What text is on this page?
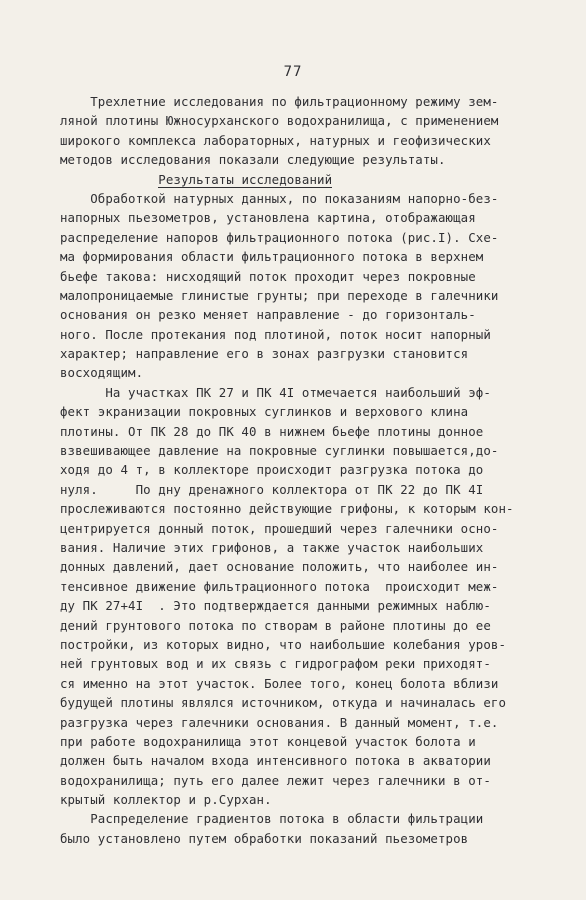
77
Трехлетние исследования по фильтрационному режиму зем-
ляной плотины Южносурханского водохранилища, с применением
широкого комплекса лабораторных, натурных и геофизических
методов исследования показали следующие результаты.
Результаты исследований
Обработкой натурных данных, по показаниям напорно-без-
напорных пьезометров, установлена картина, отображающая
распределение напоров фильтрационного потока (рис.I). Схе-
ма формирования области фильтрационного потока в верхнем
бьефе такова: нисходящий поток проходит через покровные
малопроницаемые глинистые грунты; при переходе в галечники
основания он резко меняет направление - до горизонталь-
ного. После протекания под плотиной, поток носит напорный
характер; направление его в зонах разгрузки становится
восходящим.
На участках ПК 27 и ПК 4I отмечается наибольший эф-
фект экранизации покровных суглинков и верхового клина
плотины. От ПК 28 до ПК 40 в нижнем бьефе плотины донное
взвешивающее давление на покровные суглинки повышается,до-
ходя до 4 т, в коллекторе происходит разгрузка потока до
нуля.     По дну дренажного коллектора от ПК 22 до ПК 4I
прослеживаются постоянно действующие грифоны, к которым кон-
центрируется донный поток, прошедший через галечники осно-
вания. Наличие этих грифонов, а также участок наибольших
донных давлений, дает основание положить, что наиболее ин-
тенсивное движение фильтрационного потока  происходит меж-
ду ПК 27+4I  . Это подтверждается данными режимных наблю-
дений грунтового потока по створам в районе плотины до ее
постройки, из которых видно, что наибольшие колебания уров-
ней грунтовых вод и их связь с гидрографом реки приходят-
ся именно на этот участок. Более того, конец болота вблизи
будущей плотины являлся источником, откуда и начиналась его
разгрузка через галечники основания. В данный момент, т.е.
при работе водохранилища этот концевой участок болота и
должен быть началом входа интенсивного потока в акватории
водохранилища; путь его далее лежит через галечники в от-
крытый коллектор и р.Сурхан.
Распределение градиентов потока в области фильтрации
было установлено путем обработки показаний пьезометров
